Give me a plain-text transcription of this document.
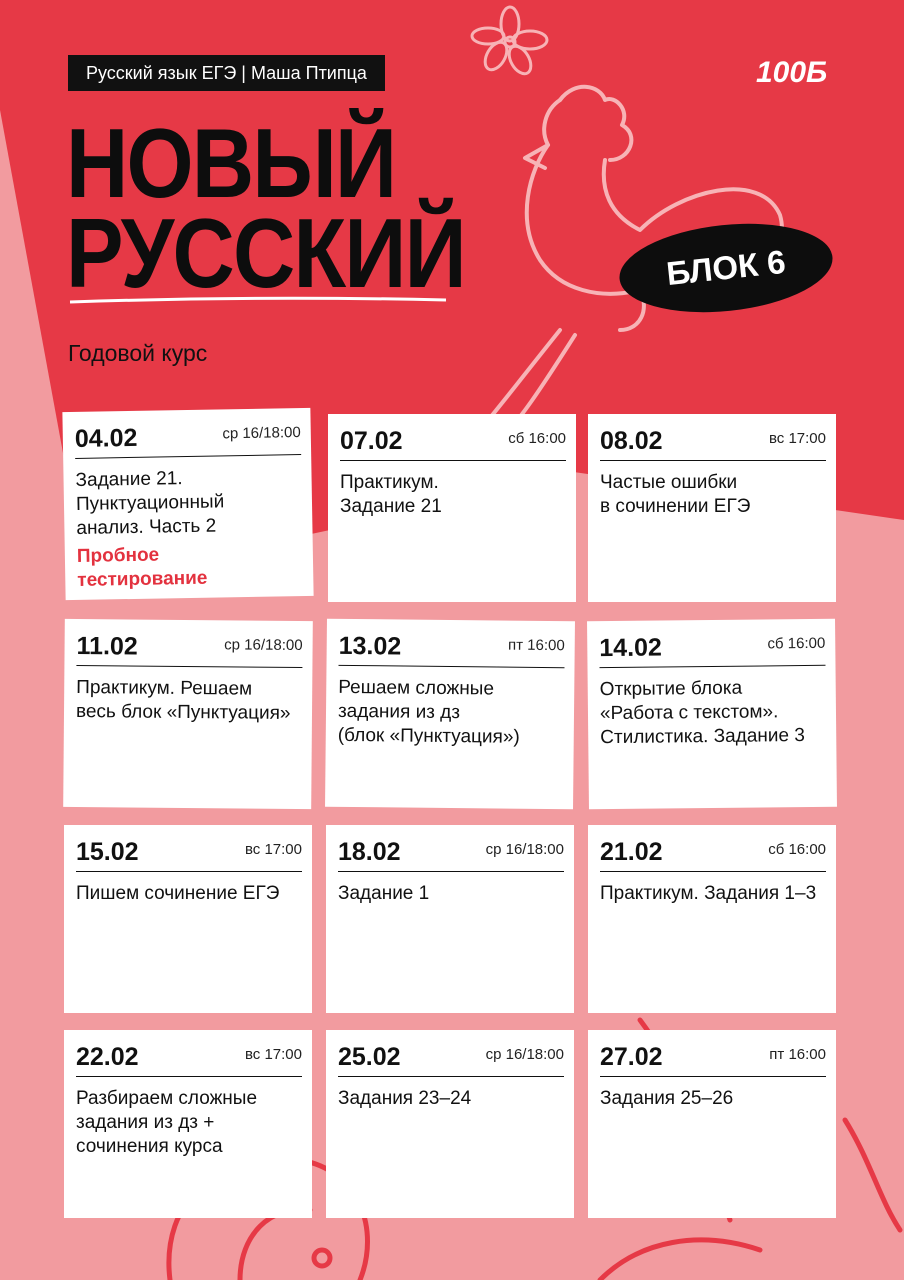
Русский язык ЕГЭ | Маша Птипца	100Б
НОВЫЙ
РУССКИЙ	БЛОК 6
Годовой курс
04.02	ср 16/18:00
Задание 21.
Пунктуационный
анализ. Часть 2
Пробное
тестирование
07.02	сб 16:00
Практикум.
Задание 21
08.02	вс 17:00
Частые ошибки
в сочинении ЕГЭ
11.02	ср 16/18:00
Практикум. Решаем
весь блок «Пунктуация»
13.02	пт 16:00
Решаем сложные
задания из дз
(блок «Пунктуация»)
14.02	сб 16:00
Открытие блока
«Работа с текстом».
Стилистика. Задание 3
15.02	вс 17:00
Пишем сочинение ЕГЭ
18.02	ср 16/18:00
Задание 1
21.02	сб 16:00
Практикум. Задания 1–3
22.02	вс 17:00
Разбираем сложные
задания из дз +
сочинения курса
25.02	ср 16/18:00
Задания 23–24
27.02	пт 16:00
Задания 25–26
